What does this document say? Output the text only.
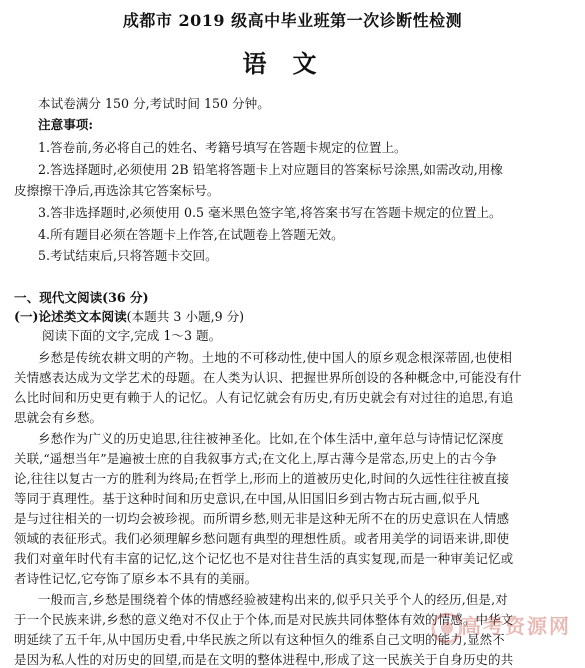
成都市 2019 级高中毕业班第一次诊断性检测
语文
本试卷满分 150 分,考试时间 150 分钟。
注意事项:
1.答卷前,务必将自己的姓名、考籍号填写在答题卡规定的位置上。
2.答选择题时,必须使用 2B 铅笔将答题卡上对应题目的答案标号涂黑,如需改动,用橡
皮擦擦干净后,再选涂其它答案标号。
3.答非选择题时,必须使用 0.5 毫米黑色签字笔,将答案书写在答题卡规定的位置上。
4.所有题目必须在答题卡上作答,在试题卷上答题无效。
5.考试结束后,只将答题卡交回。
一、现代文阅读(36 分)
(一)论述类文本阅读(本题共 3 小题,9 分)
阅读下面的文字,完成 1～3 题。
乡愁是传统农耕文明的产物。土地的不可移动性,使中国人的原乡观念根深蒂固,也使相
关情感表达成为文学艺术的母题。在人类为认识、把握世界所创设的各种概念中,可能没有什
么比时间和历史更有赖于人的记忆。人有记忆就会有历史,有历史就会有对过往的追思,有追
思就会有乡愁。
乡愁作为广义的历史追思,往往被神圣化。比如,在个体生活中,童年总与诗情记忆深度
关联,“遥想当年”是遍被士庶的自我叙事方式;在文化上,厚古薄今是常态,历史上的古今争
论,往往以复古一方的胜利为终局;在哲学上,形而上的道被历史化,时间的久远性往往被直接
等同于真理性。基于这种时间和历史意识,在中国,从旧国旧乡到古物古玩古画,似乎凡
是与过往相关的一切均会被珍视。而所谓乡愁,则无非是这种无所不在的历史意识在人情感
领域的表征形式。我们必须理解乡愁问题有典型的理想性质。或者用美学的词语来讲,即使
我们对童年时代有丰富的记忆,这个记忆也不是对往昔生活的真实复现,而是一种审美记忆或
者诗性记忆,它夸饰了原乡本不具有的美丽。
一般而言,乡愁是围绕着个体的情感经验被建构出来的,似乎只关乎个人的经历,但是,对
于一个民族来讲,乡愁的意义绝对不仅止于个体,而是对民族共同体整体有效的情感。中华文
明延续了五千年,从中国历史看,中华民族之所以有这种恒久的维系自己文明的能力,显然不
是因为私人性的对历史的回望,而是在文明的整体进程中,形成了这一民族关于自身历史的共
高考资源网
